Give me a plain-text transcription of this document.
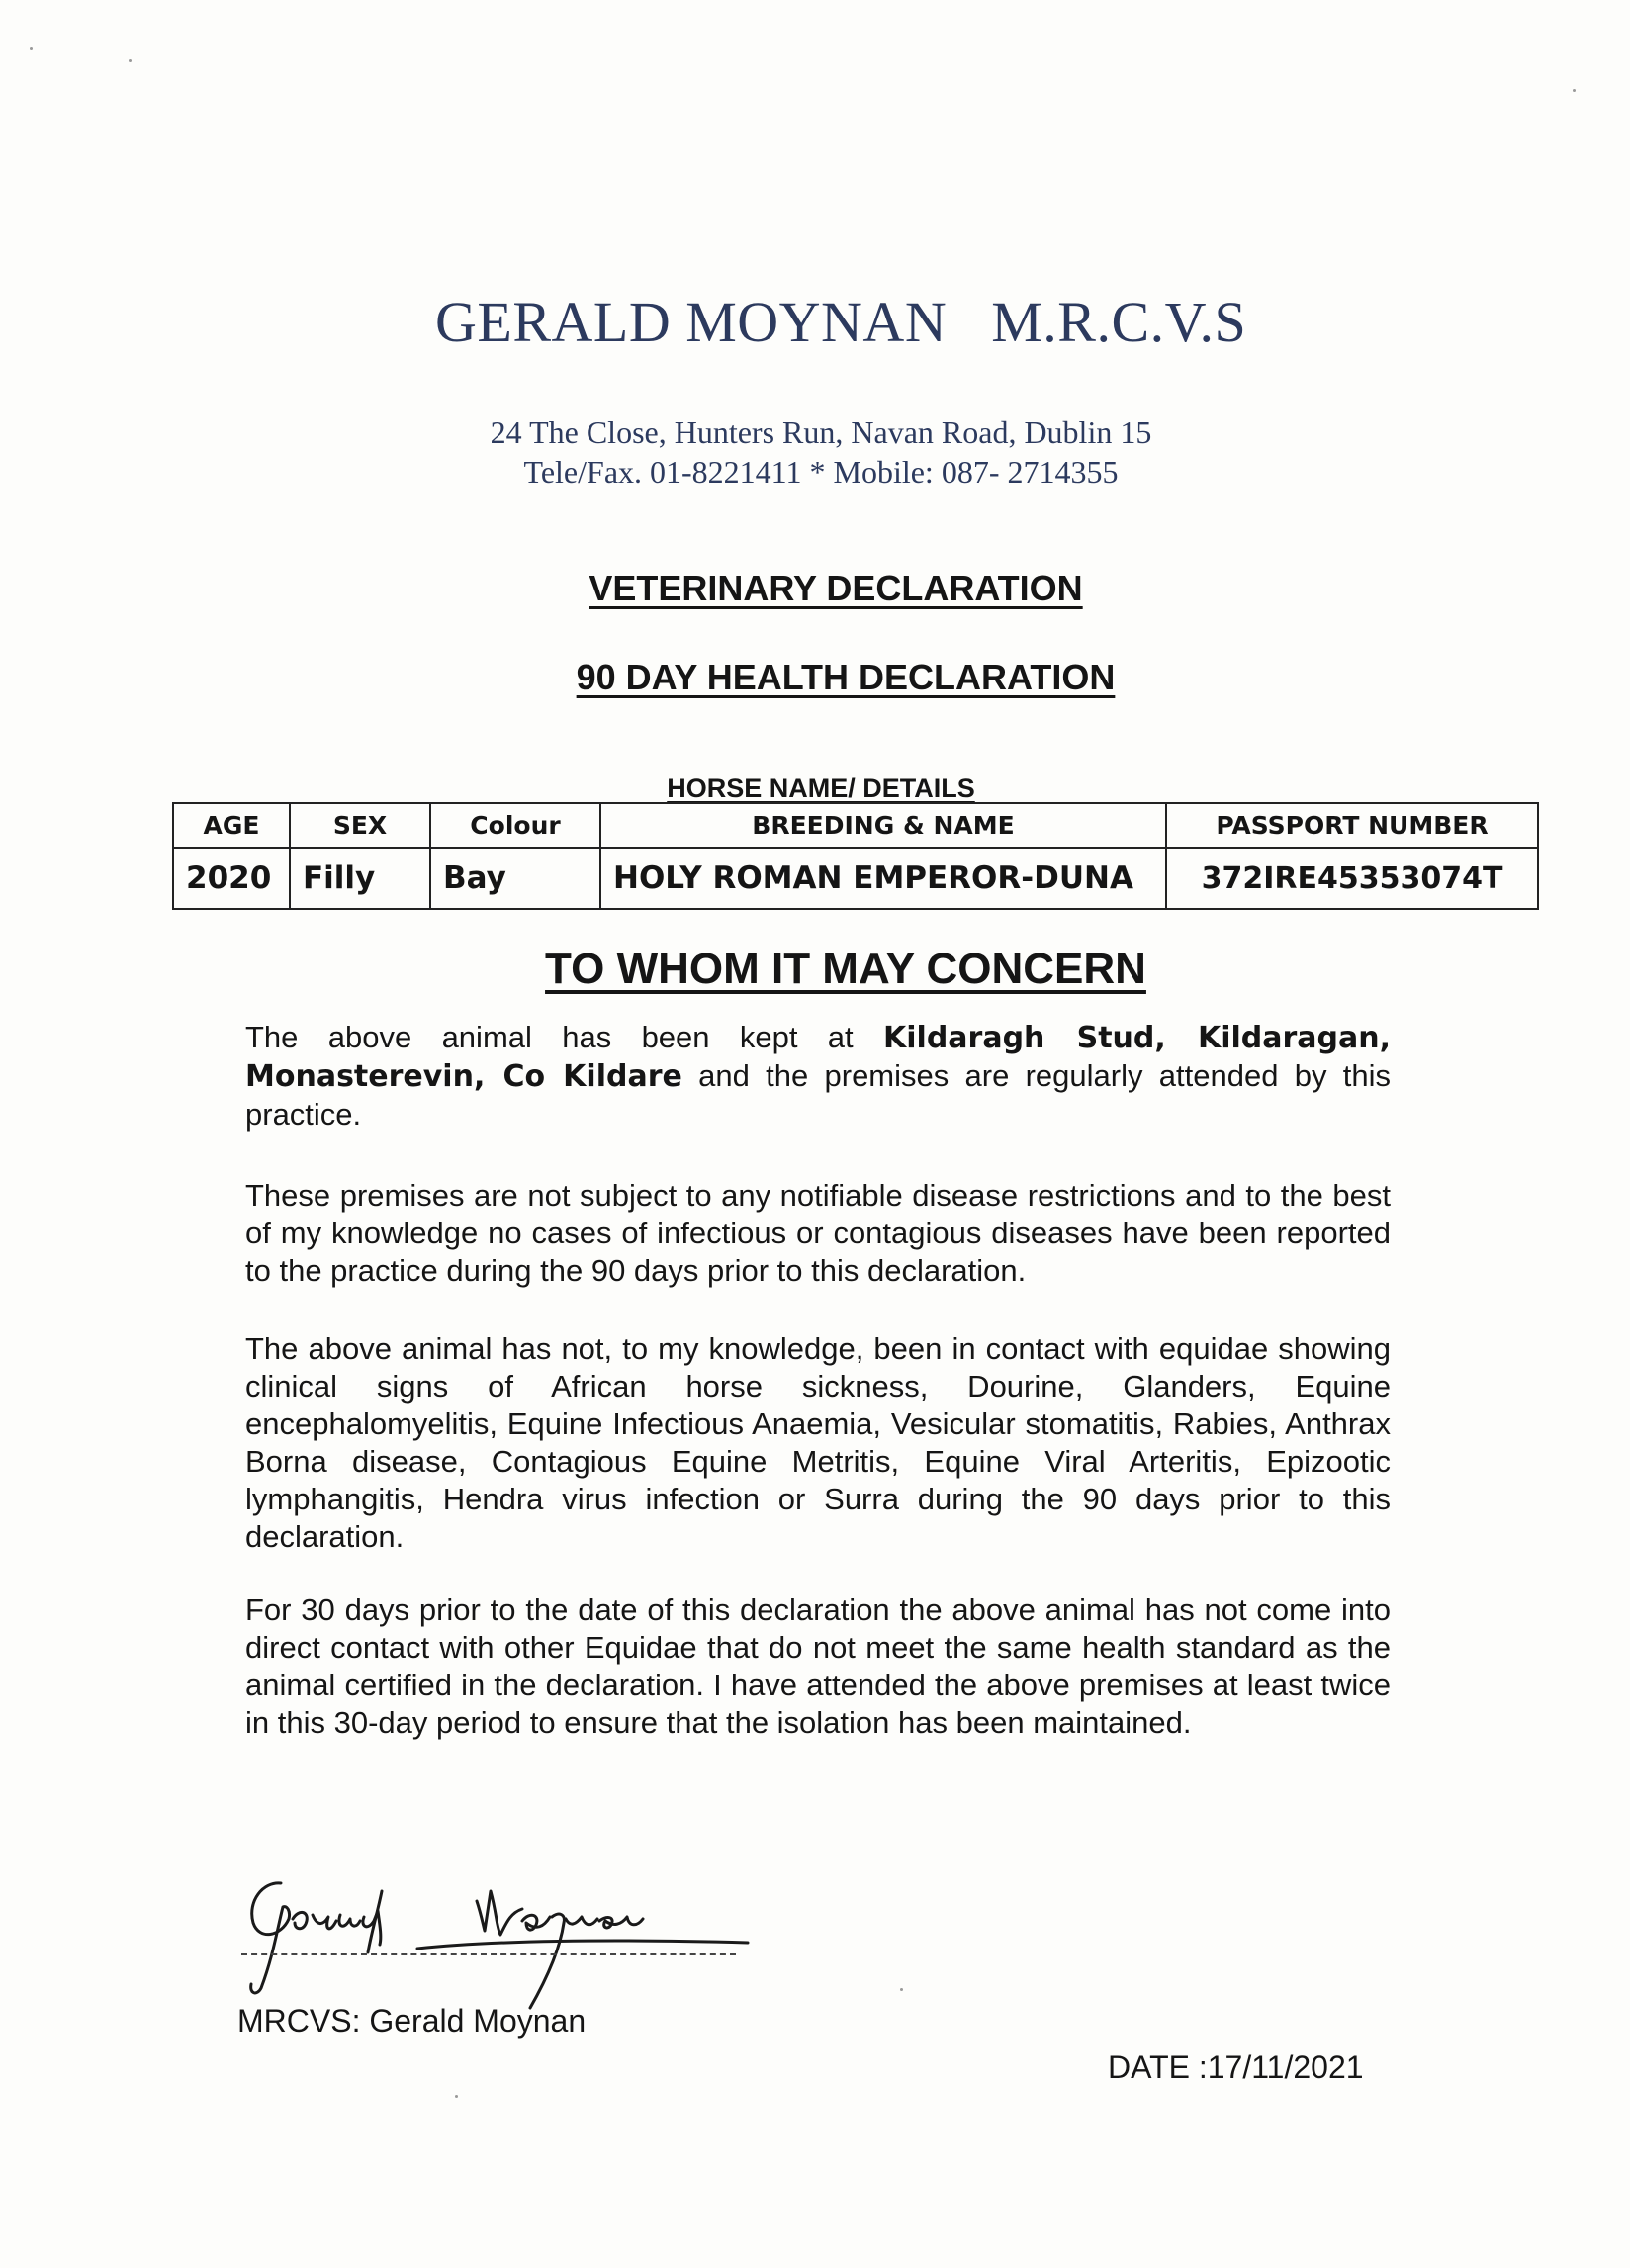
GERALD MOYNAN   M.R.C.V.S
24 The Close, Hunters Run, Navan Road, Dublin 15
Tele/Fax. 01-8221411 * Mobile: 087- 2714355
VETERINARY DECLARATION
90 DAY HEALTH DECLARATION
HORSE NAME/ DETAILS
AGE	SEX	Colour	BREEDING & NAME	PASSPORT NUMBER
2020	Filly	Bay	HOLY ROMAN EMPEROR-DUNA	372IRE45353074T
TO WHOM IT MAY CONCERN

The above animal has been kept at Kildaragh Stud, Kildaragan, Monasterevin, Co Kildare and the premises are regularly attended by this practice.

These premises are not subject to any notifiable disease restrictions and to the best of my knowledge no cases of infectious or contagious diseases have been reported to the practice during the 90 days prior to this declaration.

The above animal has not, to my knowledge, been in contact with equidae showing clinical signs of African horse sickness, Dourine, Glanders, Equine encephalomyelitis, Equine Infectious Anaemia, Vesicular stomatitis, Rabies, Anthrax Borna disease, Contagious Equine Metritis, Equine Viral Arteritis, Epizootic lymphangitis, Hendra virus infection or Surra during the 90 days prior to this declaration.

For 30 days prior to the date of this declaration the above animal has not come into direct contact with other Equidae that do not meet the same health standard as the animal certified in the declaration. I have attended the above premises at least twice in this 30-day period to ensure that the isolation has been maintained.

Gerard Moynan
MRCVS: Gerald Moynan
DATE :17/11/2021
